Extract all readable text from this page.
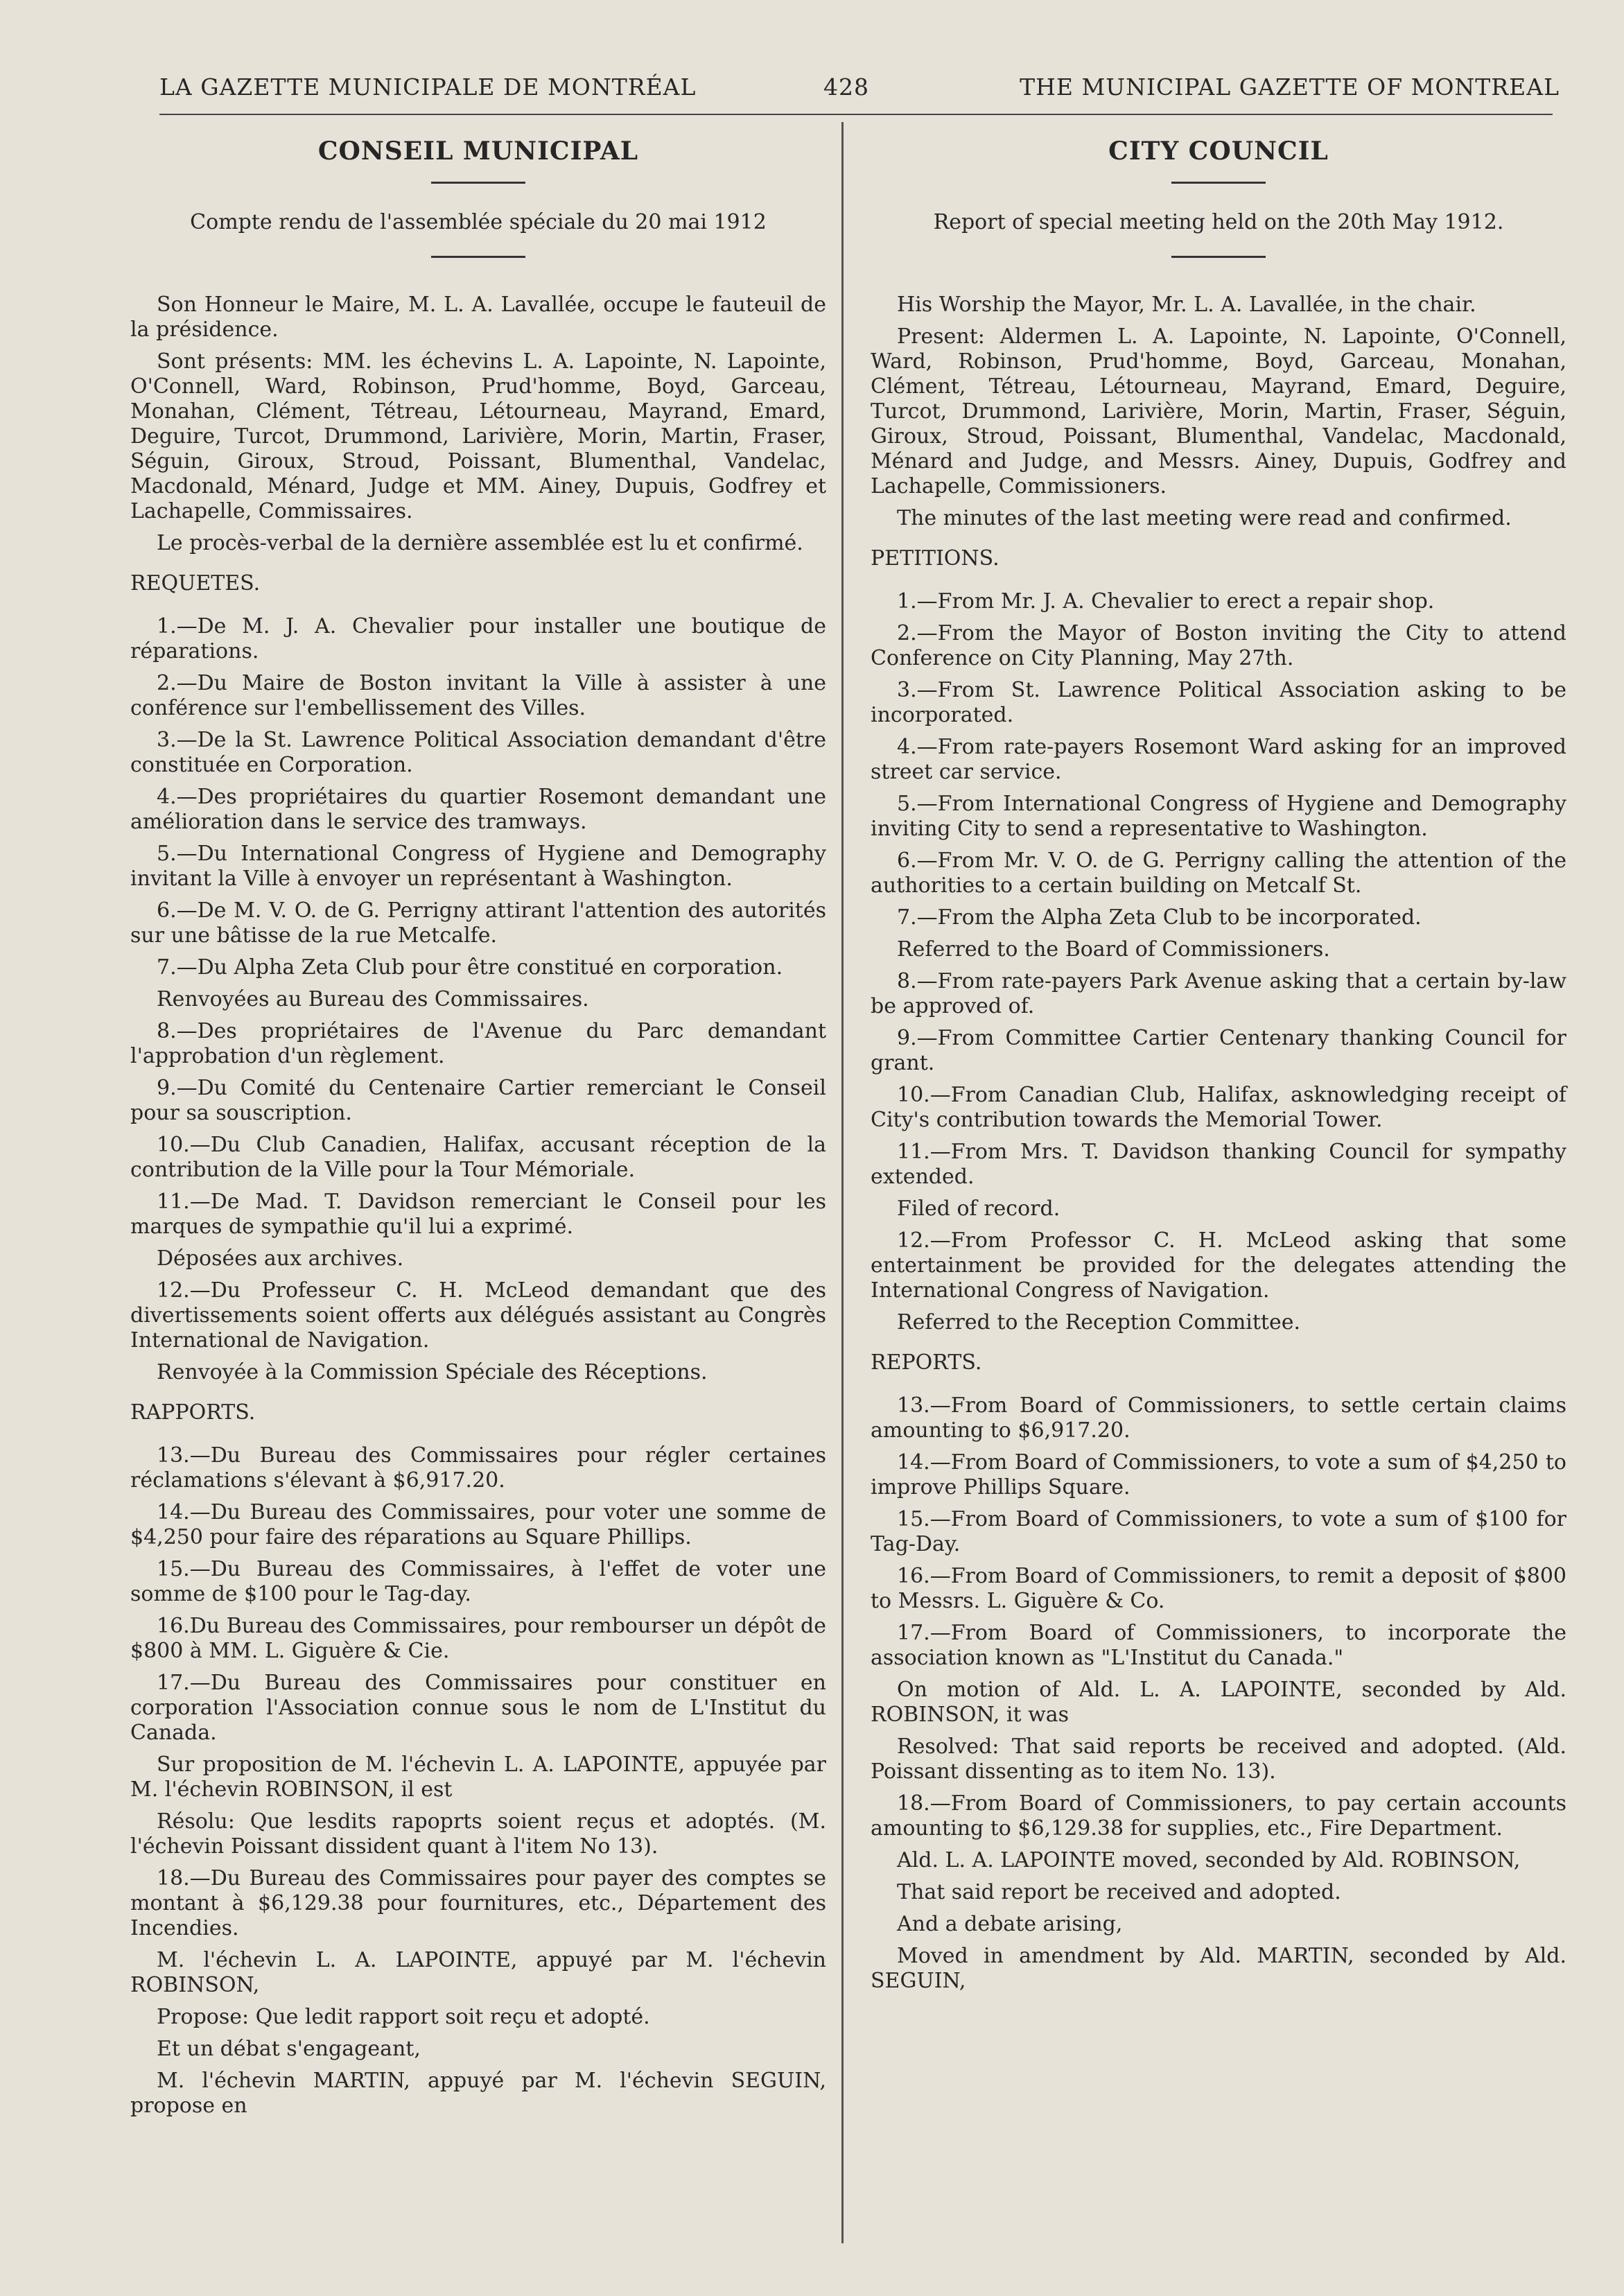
LA GAZETTE MUNICIPALE DE MONTRÉAL	428	THE MUNICIPAL GAZETTE OF MONTREAL
CONSEIL MUNICIPAL

Compte rendu de l'assemblée spéciale du 20 mai 1912

Son Honneur le Maire, M. L. A. Lavallée, occupe le fauteuil de la présidence.

Sont présents: MM. les échevins L. A. Lapointe, N. Lapointe, O'Connell, Ward, Robinson, Prud'homme, Boyd, Garceau, Monahan, Clément, Tétreau, Létourneau, Mayrand, Emard, Deguire, Turcot, Drummond, Larivière, Morin, Martin, Fraser, Séguin, Giroux, Stroud, Poissant, Blumenthal, Vandelac, Macdonald, Ménard, Judge et MM. Ainey, Dupuis, Godfrey et Lachapelle, Commissaires.

Le procès-verbal de la dernière assemblée est lu et confirmé.

REQUETES.

1.—De M. J. A. Chevalier pour installer une boutique de réparations.

2.—Du Maire de Boston invitant la Ville à assister à une conférence sur l'embellissement des Villes.

3.—De la St. Lawrence Political Association demandant d'être constituée en Corporation.

4.—Des propriétaires du quartier Rosemont demandant une amélioration dans le service des tramways.

5.—Du International Congress of Hygiene and Demography invitant la Ville à envoyer un représentant à Washington.

6.—De M. V. O. de G. Perrigny attirant l'attention des autorités sur une bâtisse de la rue Metcalfe.

7.—Du Alpha Zeta Club pour être constitué en corporation.

Renvoyées au Bureau des Commissaires.

8.—Des propriétaires de l'Avenue du Parc demandant l'approbation d'un règlement.

9.—Du Comité du Centenaire Cartier remerciant le Conseil pour sa souscription.

10.—Du Club Canadien, Halifax, accusant réception de la contribution de la Ville pour la Tour Mémoriale.

11.—De Mad. T. Davidson remerciant le Conseil pour les marques de sympathie qu'il lui a exprimé.

Déposées aux archives.

12.—Du Professeur C. H. McLeod demandant que des divertissements soient offerts aux délégués assistant au Congrès International de Navigation.

Renvoyée à la Commission Spéciale des Réceptions.

RAPPORTS.

13.—Du Bureau des Commissaires pour régler certaines réclamations s'élevant à $6,917.20.

14.—Du Bureau des Commissaires, pour voter une somme de $4,250 pour faire des réparations au Square Phillips.

15.—Du Bureau des Commissaires, à l'effet de voter une somme de $100 pour le Tag-day.

16.Du Bureau des Commissaires, pour rembourser un dépôt de $800 à MM. L. Giguère & Cie.

17.—Du Bureau des Commissaires pour constituer en corporation l'Association connue sous le nom de L'Institut du Canada.

Sur proposition de M. l'échevin L. A. LAPOINTE, appuyée par M. l'échevin ROBINSON, il est

Résolu: Que lesdits rapoprts soient reçus et adoptés. (M. l'échevin Poissant dissident quant à l'item No 13).

18.—Du Bureau des Commissaires pour payer des comptes se montant à $6,129.38 pour fournitures, etc., Département des Incendies.

M. l'échevin L. A. LAPOINTE, appuyé par M. l'échevin ROBINSON,

Propose: Que ledit rapport soit reçu et adopté.

Et un débat s'engageant,

M. l'échevin MARTIN, appuyé par M. l'échevin SEGUIN, propose en

CITY COUNCIL

Report of special meeting held on the 20th May 1912.

His Worship the Mayor, Mr. L. A. Lavallée, in the chair.

Present: Aldermen L. A. Lapointe, N. Lapointe, O'Connell, Ward, Robinson, Prud'homme, Boyd, Garceau, Monahan, Clément, Tétreau, Létourneau, Mayrand, Emard, Deguire, Turcot, Drummond, Larivière, Morin, Martin, Fraser, Séguin, Giroux, Stroud, Poissant, Blumenthal, Vandelac, Macdonald, Ménard and Judge, and Messrs. Ainey, Dupuis, Godfrey and Lachapelle, Commissioners.

The minutes of the last meeting were read and confirmed.

PETITIONS.

1.—From Mr. J. A. Chevalier to erect a repair shop.

2.—From the Mayor of Boston inviting the City to attend Conference on City Planning, May 27th.

3.—From St. Lawrence Political Association asking to be incorporated.

4.—From rate-payers Rosemont Ward asking for an improved street car service.

5.—From International Congress of Hygiene and Demography inviting City to send a representative to Washington.

6.—From Mr. V. O. de G. Perrigny calling the attention of the authorities to a certain building on Metcalf St.

7.—From the Alpha Zeta Club to be incorporated.

Referred to the Board of Commissioners.

8.—From rate-payers Park Avenue asking that a certain by-law be approved of.

9.—From Committee Cartier Centenary thanking Council for grant.

10.—From Canadian Club, Halifax, asknowledging receipt of City's contribution towards the Memorial Tower.

11.—From Mrs. T. Davidson thanking Council for sympathy extended.

Filed of record.

12.—From Professor C. H. McLeod asking that some entertainment be provided for the delegates attending the International Congress of Navigation.

Referred to the Reception Committee.

REPORTS.

13.—From Board of Commissioners, to settle certain claims amounting to $6,917.20.

14.—From Board of Commissioners, to vote a sum of $4,250 to improve Phillips Square.

15.—From Board of Commissioners, to vote a sum of $100 for Tag-Day.

16.—From Board of Commissioners, to remit a deposit of $800 to Messrs. L. Giguère & Co.

17.—From Board of Commissioners, to incorporate the association known as "L'Institut du Canada."

On motion of Ald. L. A. LAPOINTE, seconded by Ald. ROBINSON, it was

Resolved: That said reports be received and adopted. (Ald. Poissant dissenting as to item No. 13).

18.—From Board of Commissioners, to pay certain accounts amounting to $6,129.38 for supplies, etc., Fire Department.

Ald. L. A. LAPOINTE moved, seconded by Ald. ROBINSON,

That said report be received and adopted.

And a debate arising,

Moved in amendment by Ald. MARTIN, seconded by Ald. SEGUIN,
